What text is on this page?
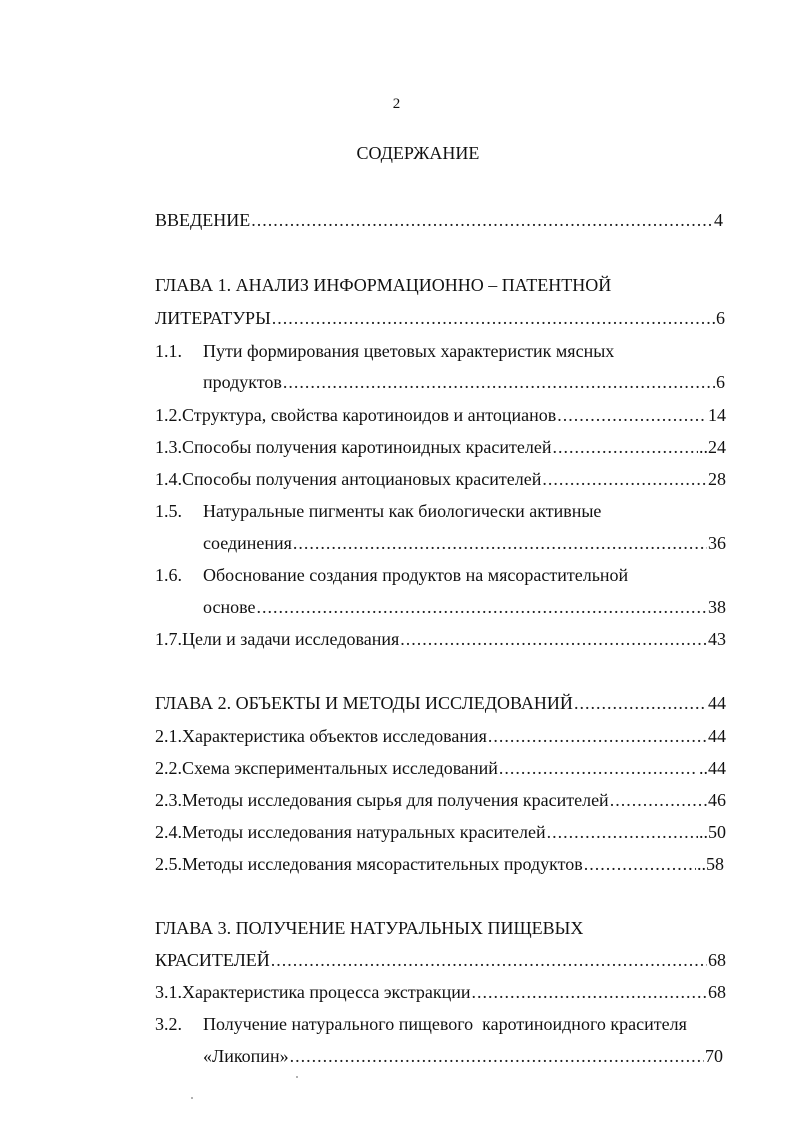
2
СОДЕРЖАНИЕ
ВВЕДЕНИЕ .....	4
ГЛАВА 1. АНАЛИЗ ИНФОРМАЦИОННО – ПАТЕНТНОЙ
ЛИТЕРАТУРЫ .....	.6
1.1. Пути формирования цветовых характеристик мясных
продуктов .....	6
1.2. Структура, свойства каротиноидов и антоцианов .....	14
1.3. Способы получения каротиноидных красителей .....	..24
1.4. Способы получения антоциановых красителей .....	28
1.5. Натуральные пигменты как биологически активные
соединения .....	36
1.6. Обоснование создания продуктов на мясорастительной
основе .....	38
1.7. Цели и задачи исследования .....	43
ГЛАВА 2. ОБЪЕКТЫ И МЕТОДЫ ИССЛЕДОВАНИЙ .....	44
2.1. Характеристика объектов исследования .....	44
2.2. Схема экспериментальных исследований .....	..44
2.3. Методы исследования сырья для получения красителей .....	46
2.4. Методы исследования натуральных красителей .....	..50
2.5. Методы исследования мясорастительных продуктов .....	..58
ГЛАВА 3. ПОЛУЧЕНИЕ НАТУРАЛЬНЫХ ПИЩЕВЫХ
КРАСИТЕЛЕЙ .....	68
3.1. Характеристика процесса экстракции .....	68
3.2. Получение натурального пищевого  каротиноидного красителя
«Ликопин» .....	70
